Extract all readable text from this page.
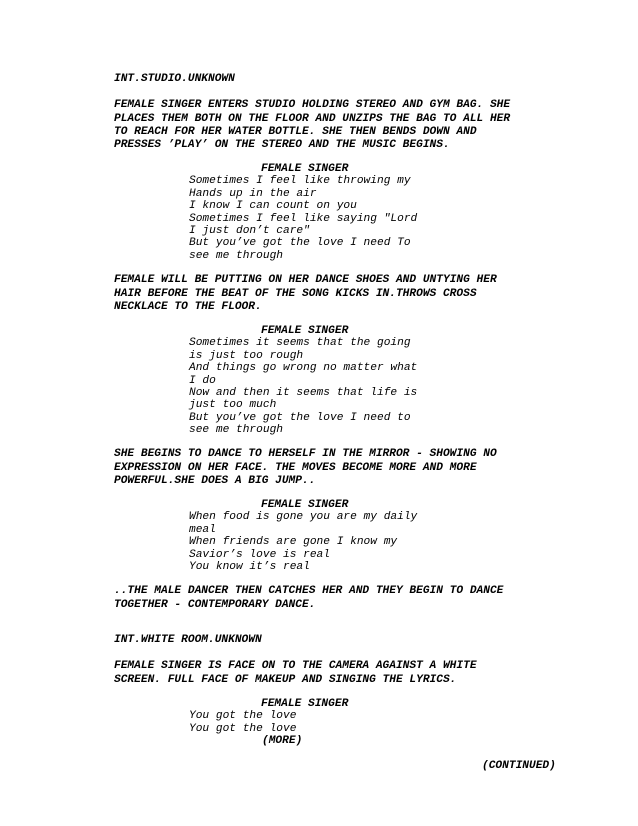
INT.STUDIO.UNKNOWN
FEMALE SINGER ENTERS STUDIO HOLDING STEREO AND GYM BAG. SHE
PLACES THEM BOTH ON THE FLOOR AND UNZIPS THE BAG TO ALL HER
TO REACH FOR HER WATER BOTTLE. SHE THEN BENDS DOWN AND
PRESSES ’PLAY’ ON THE STEREO AND THE MUSIC BEGINS.
FEMALE SINGER
Sometimes I feel like throwing my
Hands up in the air
I know I can count on you
Sometimes I feel like saying "Lord
I just don’t care"
But you’ve got the love I need To
see me through
FEMALE WILL BE PUTTING ON HER DANCE SHOES AND UNTYING HER
HAIR BEFORE THE BEAT OF THE SONG KICKS IN.THROWS CROSS
NECKLACE TO THE FLOOR.
FEMALE SINGER
Sometimes it seems that the going
is just too rough
And things go wrong no matter what
I do
Now and then it seems that life is
just too much
But you’ve got the love I need to
see me through
SHE BEGINS TO DANCE TO HERSELF IN THE MIRROR - SHOWING NO
EXPRESSION ON HER FACE. THE MOVES BECOME MORE AND MORE
POWERFUL.SHE DOES A BIG JUMP..
FEMALE SINGER
When food is gone you are my daily
meal
When friends are gone I know my
Savior’s love is real
You know it’s real
..THE MALE DANCER THEN CATCHES HER AND THEY BEGIN TO DANCE
TOGETHER - CONTEMPORARY DANCE.
INT.WHITE ROOM.UNKNOWN
FEMALE SINGER IS FACE ON TO THE CAMERA AGAINST A WHITE
SCREEN. FULL FACE OF MAKEUP AND SINGING THE LYRICS.
FEMALE SINGER
You got the love
You got the love
(MORE)
(CONTINUED)
